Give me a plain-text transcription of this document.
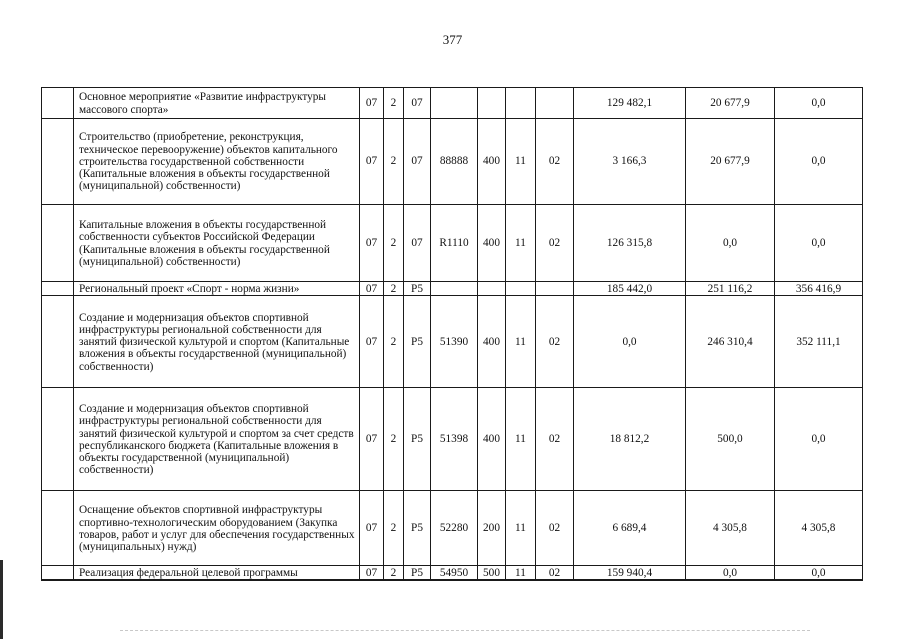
377
	Основное мероприятие «Развитие инфраструктуры массового спорта»	07	2	07					129 482,1	20 677,9	0,0
	Строительство (приобретение, реконструкция, техническое перевооружение) объектов капитального строительства государственной собственности (Капитальные вложения в объекты государственной (муниципальной) собственности)	07	2	07	88888	400	11	02	3 166,3	20 677,9	0,0
	Капитальные вложения в объекты государственной собственности субъектов Российской Федерации (Капитальные вложения в объекты государственной (муниципальной) собственности)	07	2	07	R1110	400	11	02	126 315,8	0,0	0,0
	Региональный проект «Спорт - норма жизни»	07	2	P5					185 442,0	251 116,2	356 416,9
	Создание и модернизация объектов спортивной инфраструктуры региональной собственности для занятий физической культурой и спортом (Капитальные вложения в объекты государственной (муниципальной) собственности)	07	2	P5	51390	400	11	02	0,0	246 310,4	352 111,1
	Создание и модернизация объектов спортивной инфраструктуры региональной собственности для занятий физической культурой и спортом за счет средств республиканского бюджета (Капитальные вложения в объекты государственной (муниципальной) собственности)	07	2	P5	51398	400	11	02	18 812,2	500,0	0,0
	Оснащение объектов спортивной инфраструктуры спортивно-технологическим оборудованием (Закупка товаров, работ и услуг для обеспечения государственных (муниципальных) нужд)	07	2	P5	52280	200	11	02	6 689,4	4 305,8	4 305,8
	Реализация федеральной целевой программы	07	2	P5	54950	500	11	02	159 940,4	0,0	0,0
